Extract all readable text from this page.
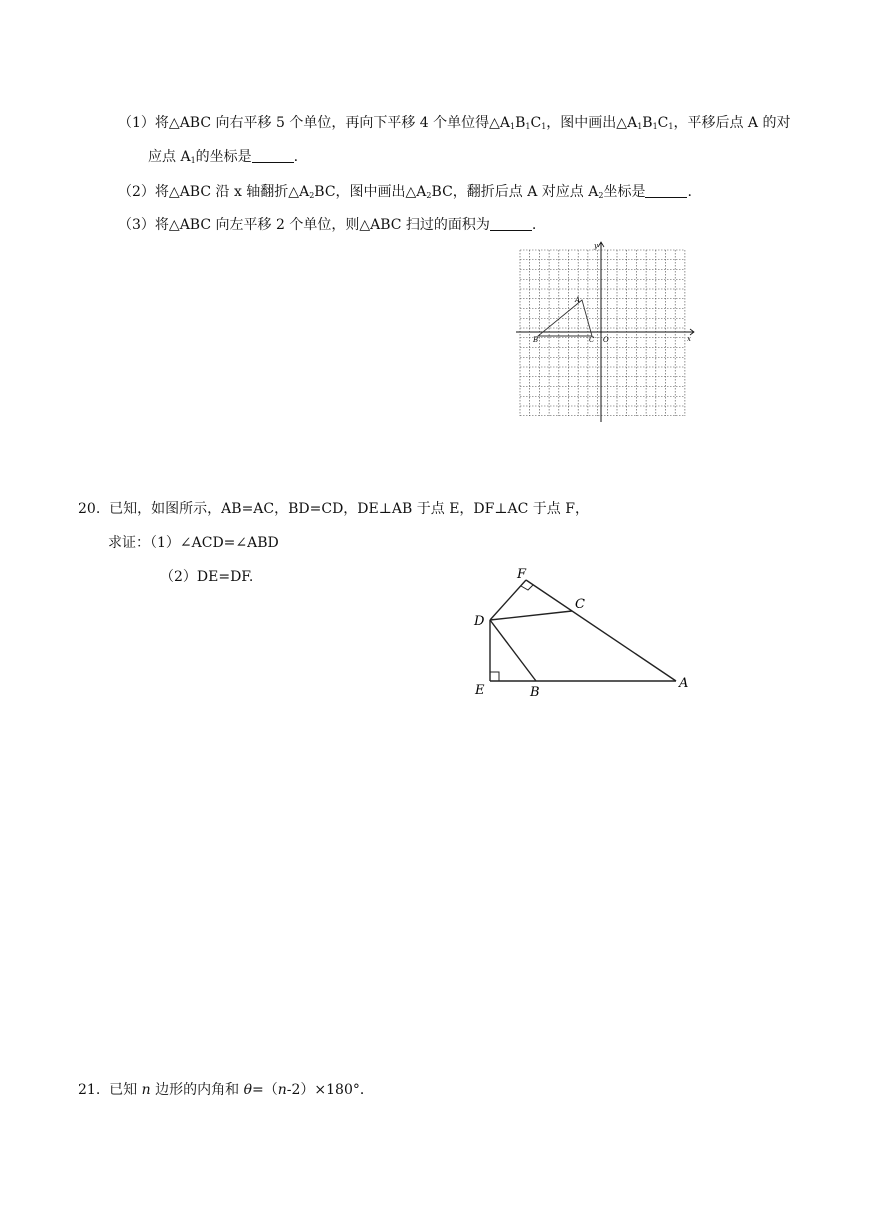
（1）将△ABC 向右平移 5 个单位，再向下平移 4 个单位得$\triangle A_1B_1C_1$，图中画出$\triangle A_1B_1C_1$，平移后点 A 的对
应点 $A_1$的坐标是	.
（2）将△ABC 沿 x 轴翻折$\triangle A_2BC$，图中画出$\triangle A_2BC$，翻折后点 A 对应点 $A_2$坐标是	.
（3）将△ABC 向左平移 2 个单位，则△ABC 扫过的面积为	.
y
x
A
B	C O
20. 已知，如图所示，AB=AC，BD=CD，DE⊥AB 于点 E，DF⊥AC 于点 F，
求证：（1）∠ACD=∠ABD
（2）DE=DF.	F
C
D
E	B
A
21. 已知 n 边形的内角和 θ=（n-2）×180°．
